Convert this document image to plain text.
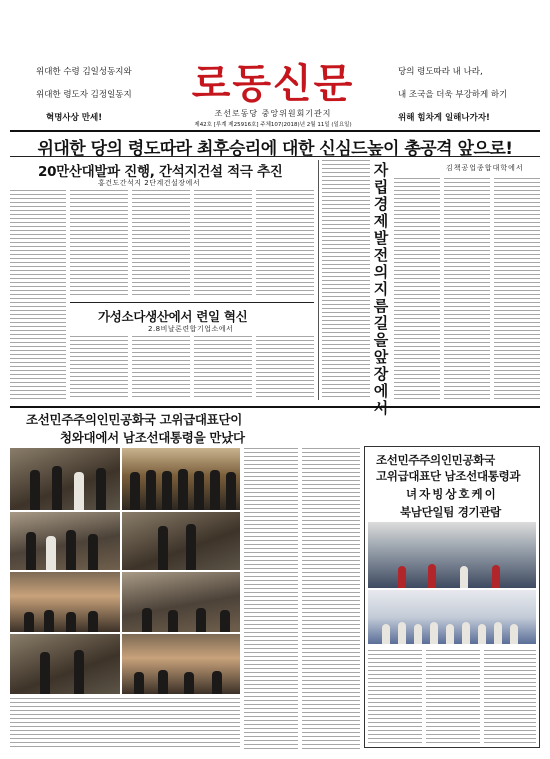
위대한 수령 김일성동지와
위대한 령도자 김정일동지
혁명사상 만세!
로동신문
조선로동당 중앙위원회기관지
제42호 [루계 제25916호] 주체107(2018)년 2월 11일 (일요일)
당의 령도따라 내 나라,
내 조국을 더욱 부강하게 하기
위해 힘차게 일해나가자!
위대한 당의 령도따라 최후승리에 대한 신심드높이 총공격 앞으로!
20만산대발파 진행, 간석지건설 적극 추진
홍건도간석지 2단계건설장에서
가성소다생산에서 련일 혁신
2.8비날론련합기업소에서
자립경제발전의 지름길을 앞장에서
김책공업종합대학에서
조선민주주의인민공화국 고위급대표단이
청와대에서 남조선대통령을 만났다
조선민주주의인민공화국
고위급대표단 남조선대통령과
녀자빙상호케이
북남단일팀 경기관람
